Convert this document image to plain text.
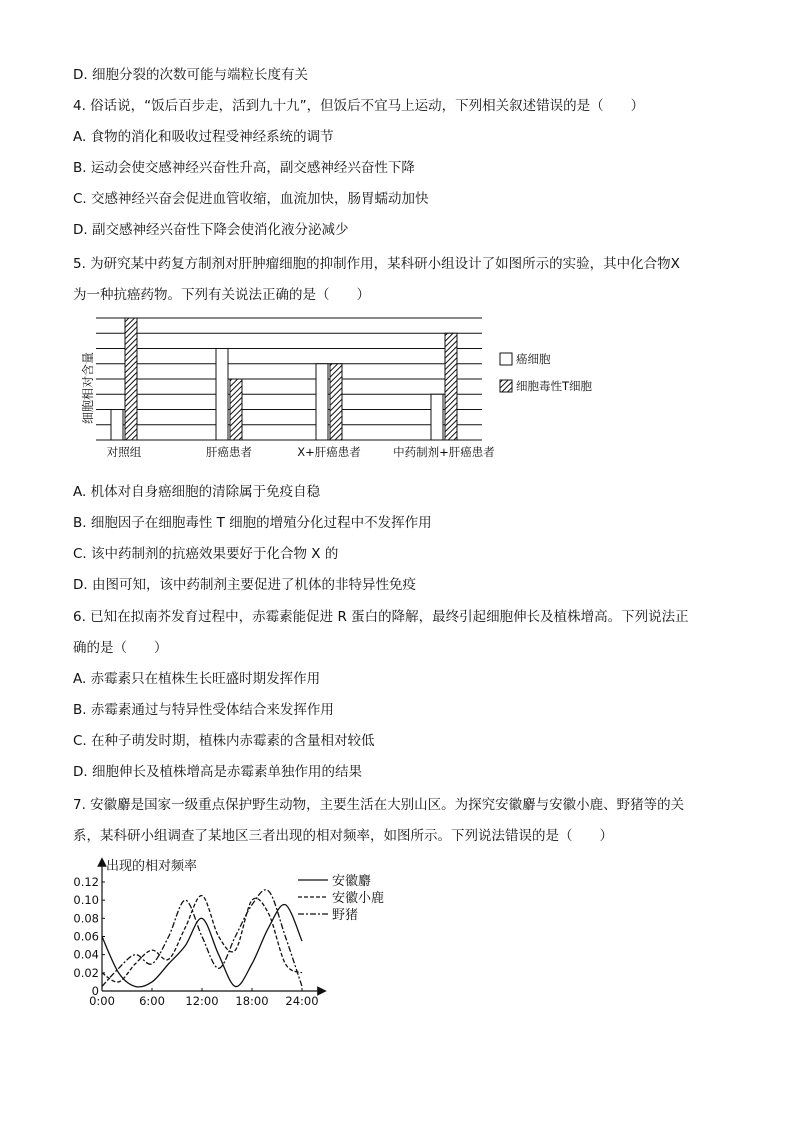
D. 细胞分裂的次数可能与端粒长度有关
4. 俗话说，“饭后百步走，活到九十九”，但饭后不宜马上运动，下列相关叙述错误的是（　　）
A. 食物的消化和吸收过程受神经系统的调节
B. 运动会使交感神经兴奋性升高，副交感神经兴奋性下降
C. 交感神经兴奋会促进血管收缩，血流加快，肠胃蠕动加快
D. 副交感神经兴奋性下降会使消化液分泌减少
5. 为研究某中药复方制剂对肝肿瘤细胞的抑制作用，某科研小组设计了如图所示的实验，其中化合物X
为一种抗癌药物。下列有关说法正确的是（　　）
细胞相对含量
对照组	肝癌患者	X+肝癌患者	中药制剂+肝癌患者
癌细胞
细胞毒性T细胞
A. 机体对自身癌细胞的清除属于免疫自稳
B. 细胞因子在细胞毒性 T 细胞的增殖分化过程中不发挥作用
C. 该中药制剂的抗癌效果要好于化合物 X 的
D. 由图可知，该中药制剂主要促进了机体的非特异性免疫
6. 已知在拟南芥发育过程中，赤霉素能促进 R 蛋白的降解，最终引起细胞伸长及植株增高。下列说法正
确的是（　　）
A. 赤霉素只在植株生长旺盛时期发挥作用
B. 赤霉素通过与特异性受体结合来发挥作用
C. 在种子萌发时期，植株内赤霉素的含量相对较低
D. 细胞伸长及植株增高是赤霉素单独作用的结果
7. 安徽麝是国家一级重点保护野生动物，主要生活在大别山区。为探究安徽麝与安徽小鹿、野猪等的关
系，某科研小组调查了某地区三者出现的相对频率，如图所示。下列说法错误的是（　　）
出现的相对频率
0
0.02
0.04
0.06
0.08
0.10
0.12
0:00 6:00 12:00 18:00 24:00
安徽麝
安徽小鹿
野猪
